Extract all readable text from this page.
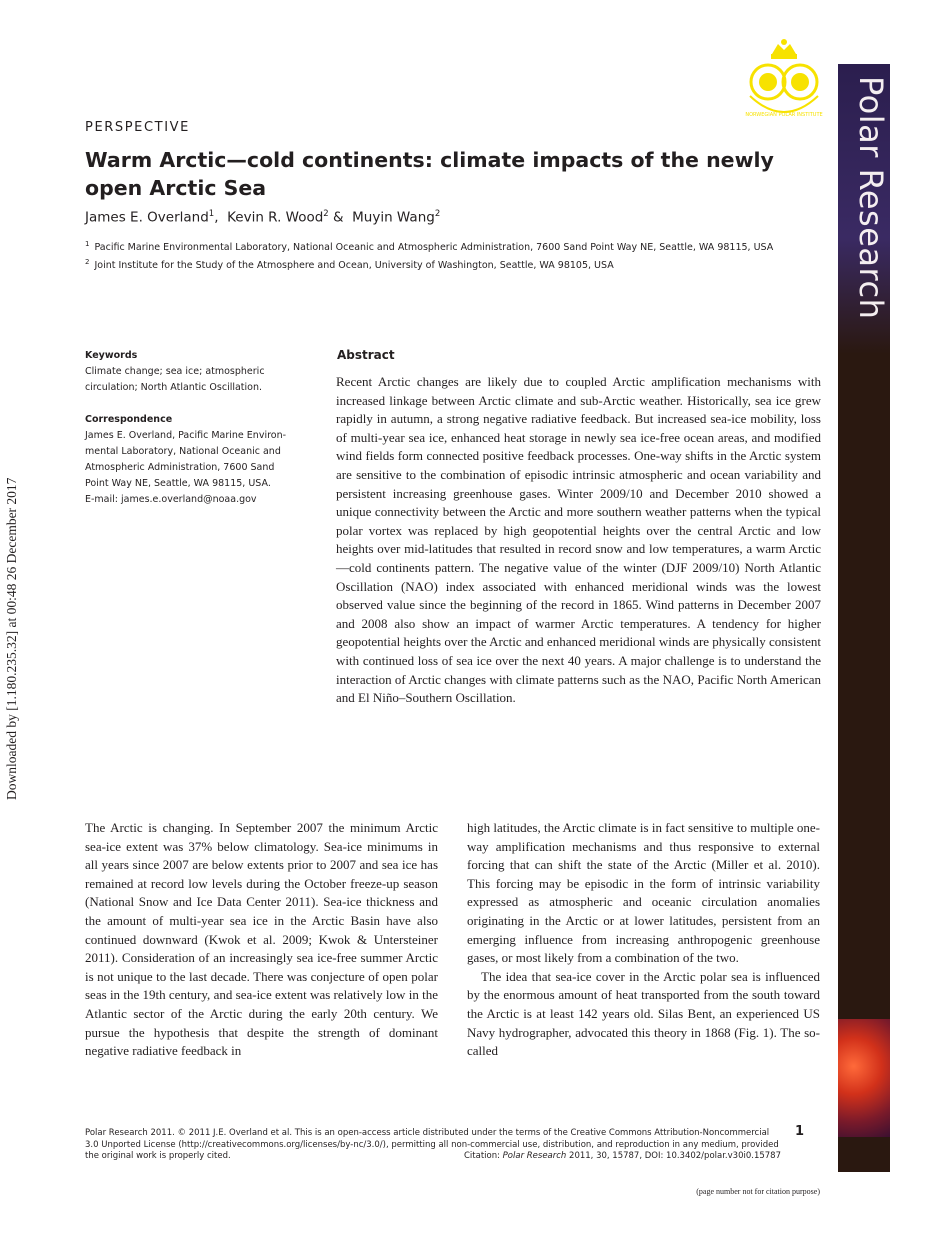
Polar Research
NORWEGIAN POLAR INSTITUTE
Downloaded by [1.180.235.32] at 00:48 26 December 2017
PERSPECTIVE
Warm Arctic—cold continents: climate impacts of the newly open Arctic Sea
James E. Overland$^1$,  Kevin R. Wood$^2$ &  Muyin Wang$^2$
$^1$ Pacific Marine Environmental Laboratory, National Oceanic and Atmospheric Administration, 7600 Sand Point Way NE, Seattle, WA 98115, USA
$^2$ Joint Institute for the Study of the Atmosphere and Ocean, University of Washington, Seattle, WA 98105, USA
Keywords
Climate change; sea ice; atmospheric circulation; North Atlantic Oscillation.
Correspondence
James E. Overland, Pacific Marine Environ-
mental Laboratory, National Oceanic and
Atmospheric Administration, 7600 Sand
Point Way NE, Seattle, WA 98115, USA.
E-mail: james.e.overland@noaa.gov
Abstract

Recent Arctic changes are likely due to coupled Arctic amplification mechanisms with increased linkage between Arctic climate and sub-Arctic weather. Historically, sea ice grew rapidly in autumn, a strong negative radiative feedback. But increased sea-ice mobility, loss of multi-year sea ice, enhanced heat storage in newly sea ice-free ocean areas, and modified wind fields form connected positive feedback processes. One-way shifts in the Arctic system are sensitive to the combination of episodic intrinsic atmospheric and ocean variability and persistent increasing greenhouse gases. Winter 2009/10 and December 2010 showed a unique connectivity between the Arctic and more southern weather patterns when the typical polar vortex was replaced by high geopotential heights over the central Arctic and low heights over mid-latitudes that resulted in record snow and low temperatures, a warm Arctic—cold continents pattern. The negative value of the winter (DJF 2009/10) North Atlantic Oscillation (NAO) index associated with enhanced meridional winds was the lowest observed value since the beginning of the record in 1865. Wind patterns in December 2007 and 2008 also show an impact of warmer Arctic temperatures. A tendency for higher geopotential heights over the Arctic and enhanced meridional winds are physically consistent with continued loss of sea ice over the next 40 years. A major challenge is to understand the interaction of Arctic changes with climate patterns such as the NAO, Pacific North American and El Niño–Southern Oscillation.

The Arctic is changing. In September 2007 the minimum Arctic sea-ice extent was 37% below climatology. Sea-ice minimums in all years since 2007 are below extents prior to 2007 and sea ice has remained at record low levels during the October freeze-up season (National Snow and Ice Data Center 2011). Sea-ice thickness and the amount of multi-year sea ice in the Arctic Basin have also continued downward (Kwok et al. 2009; Kwok & Untersteiner 2011). Consideration of an increasingly sea ice-free summer Arctic is not unique to the last decade. There was conjecture of open polar seas in the 19th century, and sea-ice extent was relatively low in the Atlantic sector of the Arctic during the early 20th century. We pursue the hypothesis that despite the strength of dominant negative radiative feedback in

high latitudes, the Arctic climate is in fact sensitive to multiple one-way amplification mechanisms and thus responsive to external forcing that can shift the state of the Arctic (Miller et al. 2010). This forcing may be episodic in the form of intrinsic variability expressed as atmospheric and oceanic circulation anomalies originating in the Arctic or at lower latitudes, persistent from an emerging influence from increasing anthropogenic greenhouse gases, or most likely from a combination of the two.
The idea that sea-ice cover in the Arctic polar sea is influenced by the enormous amount of heat transported from the south toward the Arctic is at least 142 years old. Silas Bent, an experienced US Navy hydrographer, advocated this theory in 1868 (Fig. 1). The so-called
Polar Research 2011. © 2011 J.E. Overland et al. This is an open-access article distributed under the terms of the Creative Commons Attribution-Noncommercial 3.0 Unported License (http://creativecommons.org/licenses/by-nc/3.0/), permitting all non-commercial use, distribution, and reproduction in any medium, provided the original work is properly cited.	Citation: Polar Research 2011, 30, 15787, DOI: 10.3402/polar.v30i0.15787
1
(page number not for citation purpose)
